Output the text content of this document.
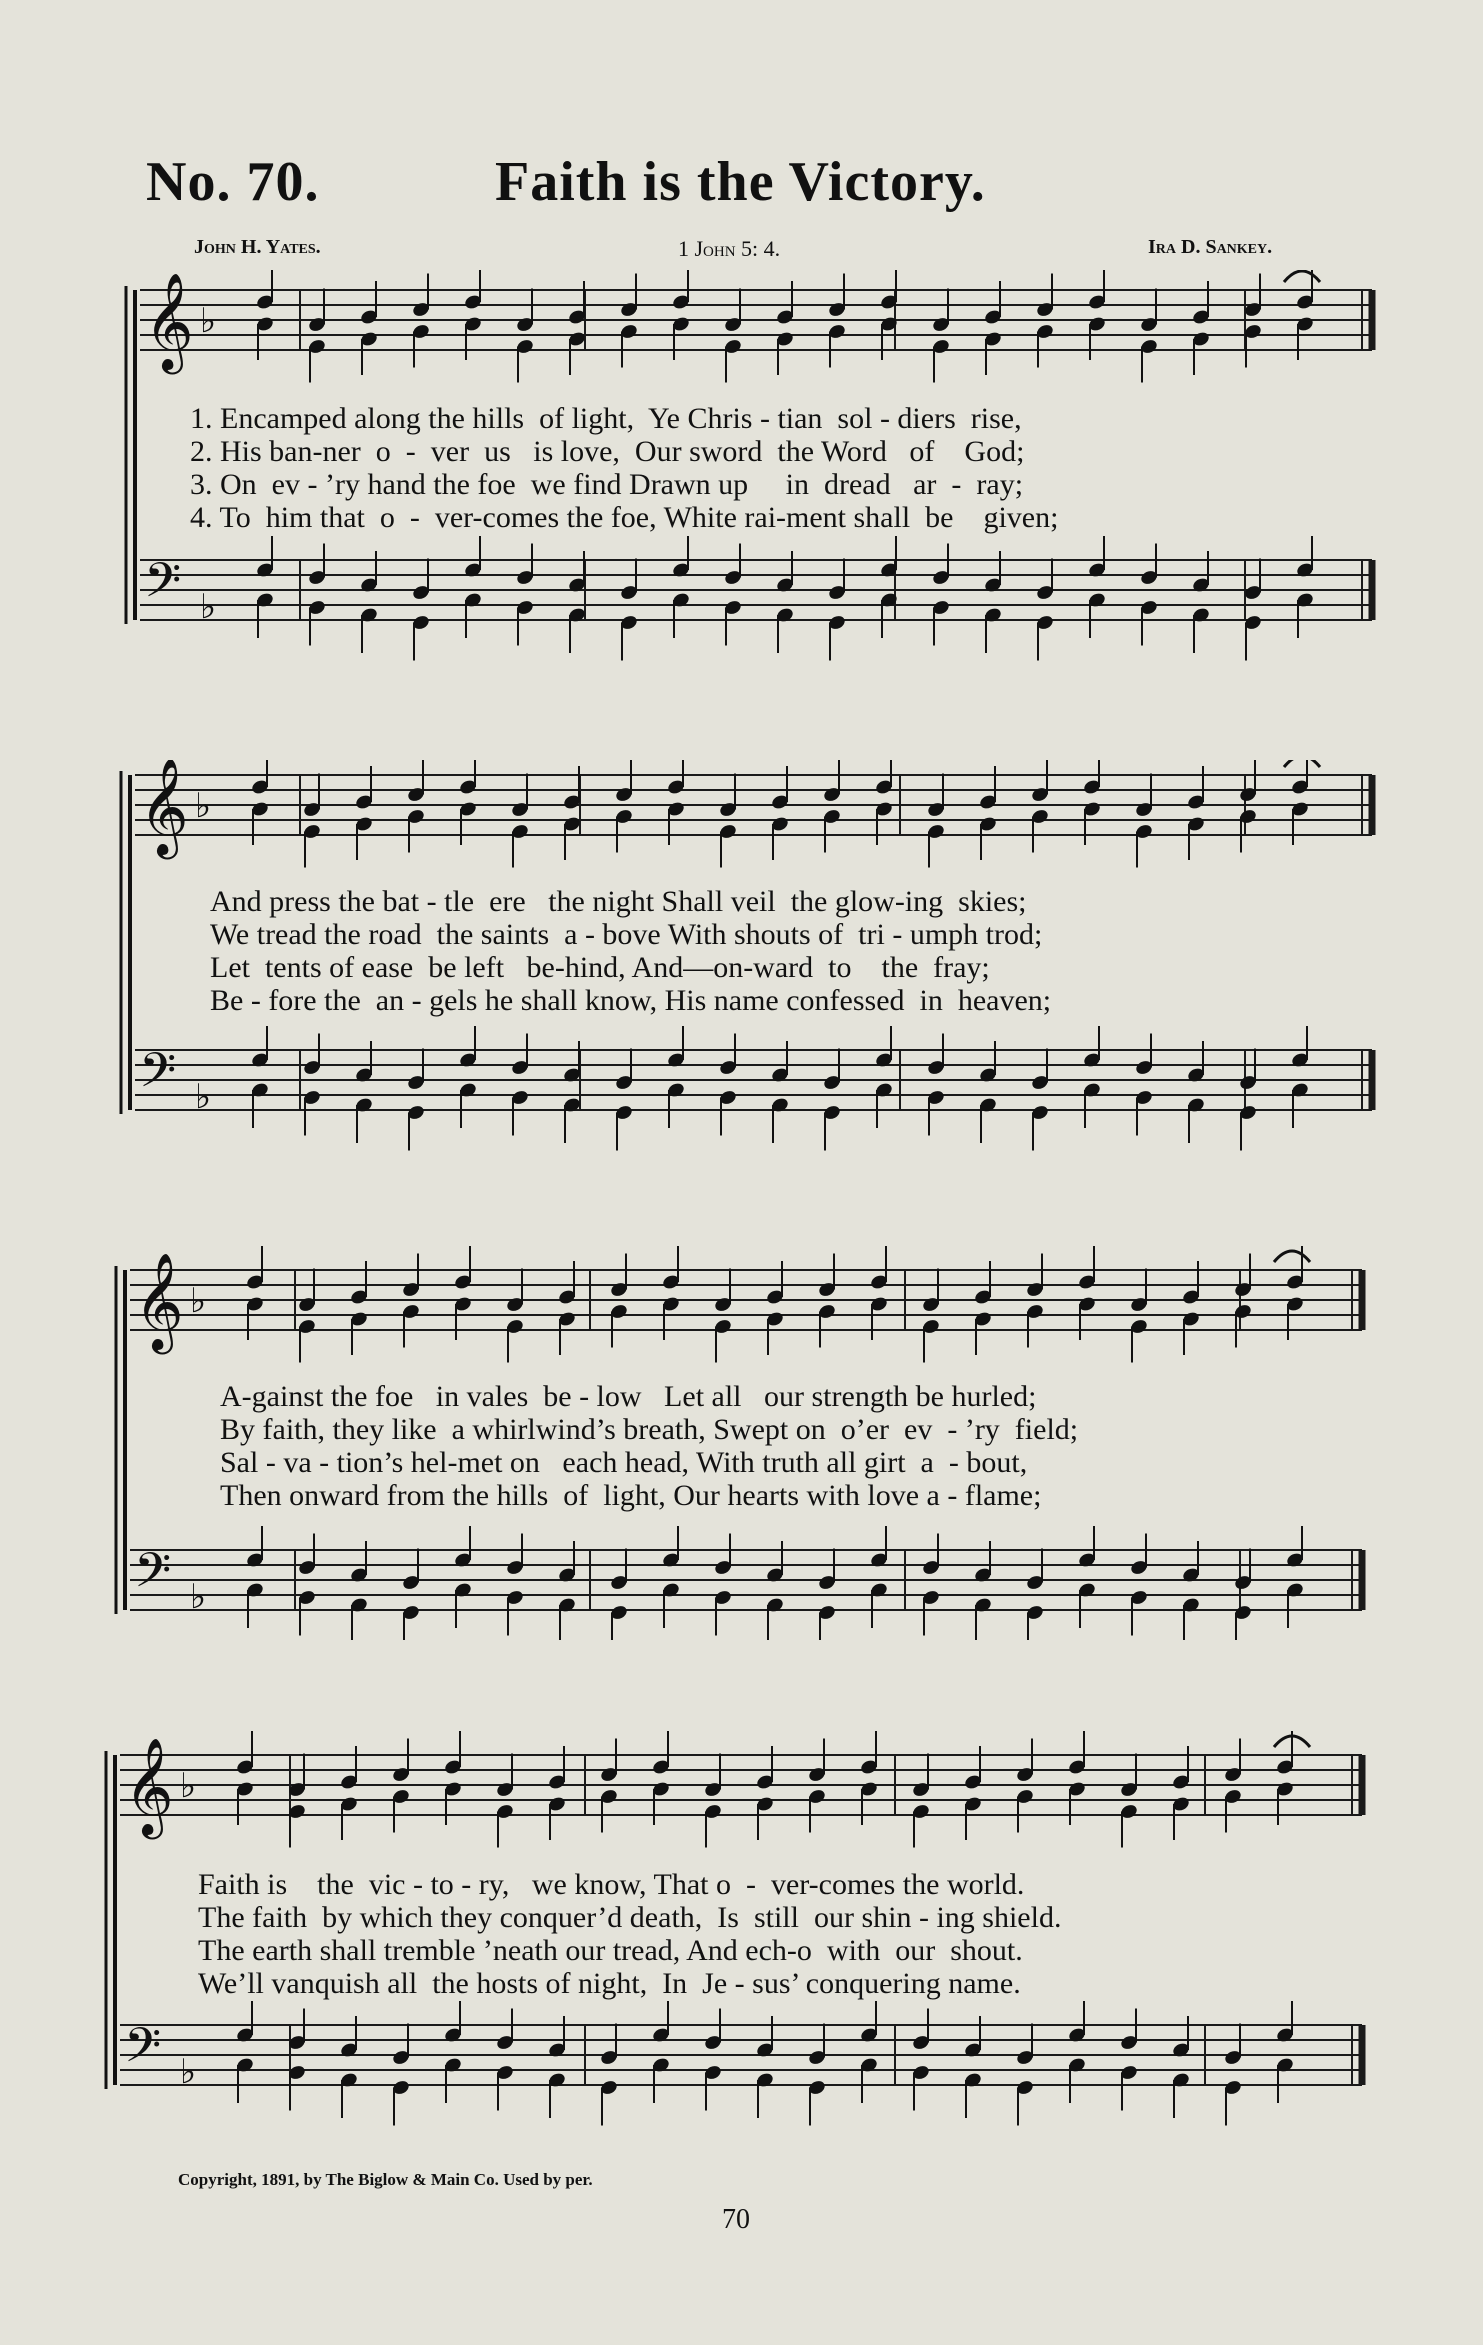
No. 70.	Faith is the Victory.
John H. Yates.	1 John 5: 4.	Ira D. Sankey.
𝄞 ♭
𝄢 ♭
1. Encamped along the hills  of light,  Ye Chris - tian  sol - diers  rise,
2. His ban-ner  o  -  ver  us   is love,  Our sword  the Word   of    God;
3. On  ev - ’ry hand the foe  we find Drawn up     in  dread   ar  -  ray;
4. To  him that  o  -  ver-comes the foe, White rai-ment shall  be    given;
𝄞 ♭
𝄢 ♭
And press the bat - tle  ere   the night Shall veil  the glow-ing  skies;
We tread the road  the saints  a - bove With shouts of  tri - umph trod;
Let  tents of ease  be left   be-hind, And—on-ward  to    the  fray;
Be - fore the  an - gels he shall know, His name confessed  in  heaven;
𝄞 ♭
𝄢 ♭
A-gainst the foe   in vales  be - low   Let all   our strength be hurled;
By faith, they like  a whirlwind’s breath, Swept on  o’er  ev  - ’ry  field;
Sal - va - tion’s hel-met on   each head, With truth all girt  a  - bout,
Then onward from the hills  of  light, Our hearts with love a - flame;
𝄞 ♭
𝄢 ♭
Faith is    the  vic - to - ry,   we know, That o  -  ver-comes the world.
The faith  by which they conquer’d death,  Is  still  our shin - ing shield.
The earth shall tremble ’neath our tread, And ech-o  with  our  shout.
We’ll vanquish all  the hosts of night,  In  Je - sus’ conquering name.
Copyright, 1891, by The Biglow & Main Co. Used by per.
70
